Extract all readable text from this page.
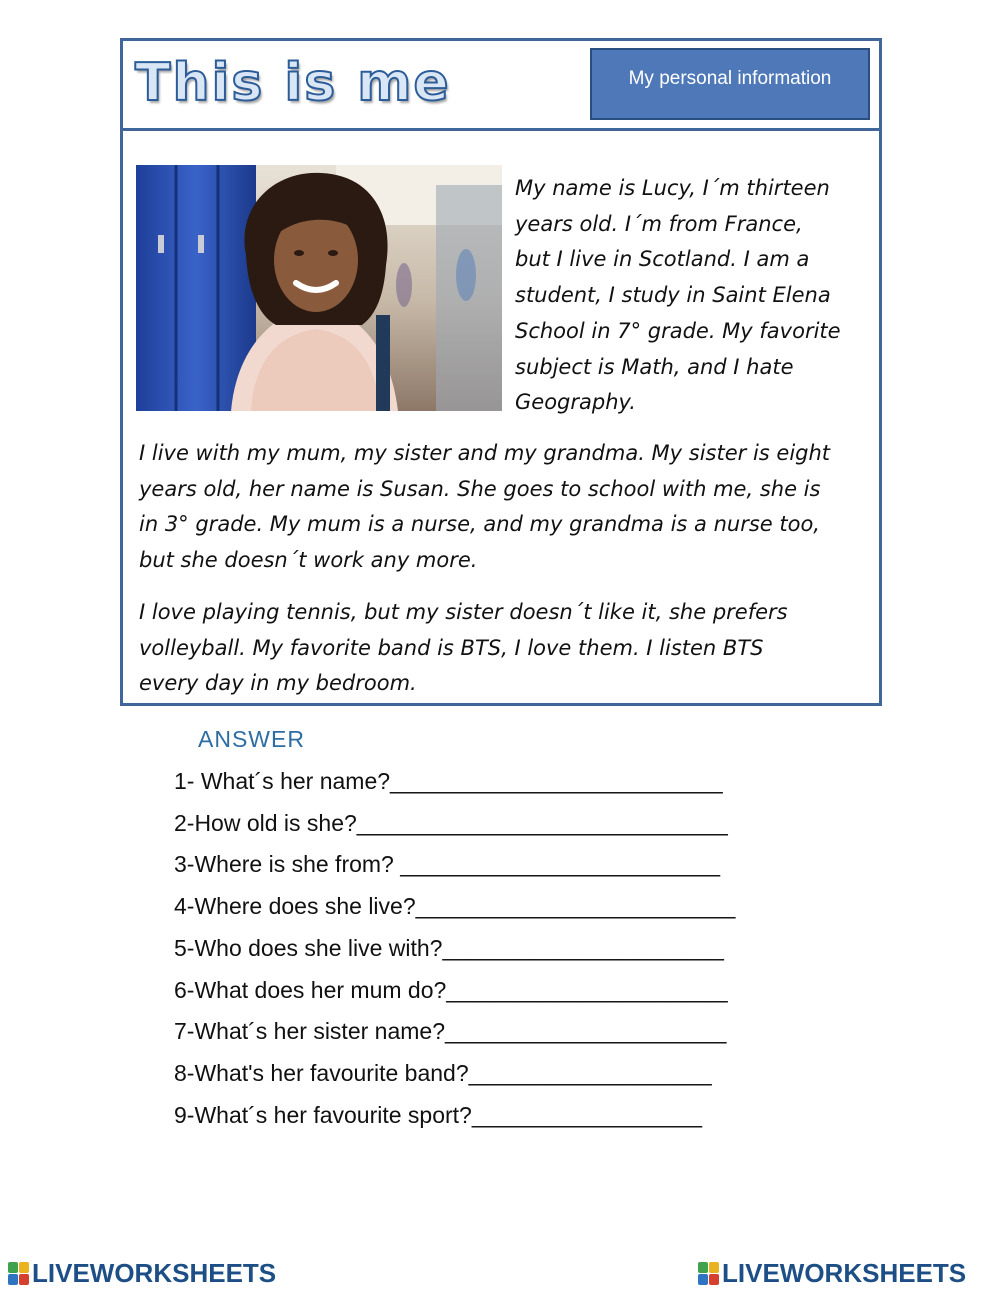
This is me	My personal information
My name is Lucy, I´m thirteen
years old. I´m from France,
but I live in Scotland. I am a
student, I study in Saint Elena
School in 7° grade. My favorite
subject is Math, and I hate
Geography.
I live with my mum, my sister and my grandma. My sister is eight
years old, her name is Susan. She goes to school with me, she is
in 3° grade. My mum is a nurse, and my grandma is a nurse too,
but she doesn´t work any more.
I love playing tennis, but my sister doesn´t like it, she prefers
volleyball. My favorite band is BTS, I love them. I listen BTS
every day in my bedroom.
ANSWER
1- What´s her name?__________________________
2-How old is she?_____________________________
3-Where is she from? _________________________
4-Where does she live?_________________________
5-Who does she live with?______________________
6-What does her mum do?______________________
7-What´s her sister name?______________________
8-What's her favourite band?___________________
9-What´s her favourite sport?__________________
LIVEWORKSHEETS	LIVEWORKSHEETS
